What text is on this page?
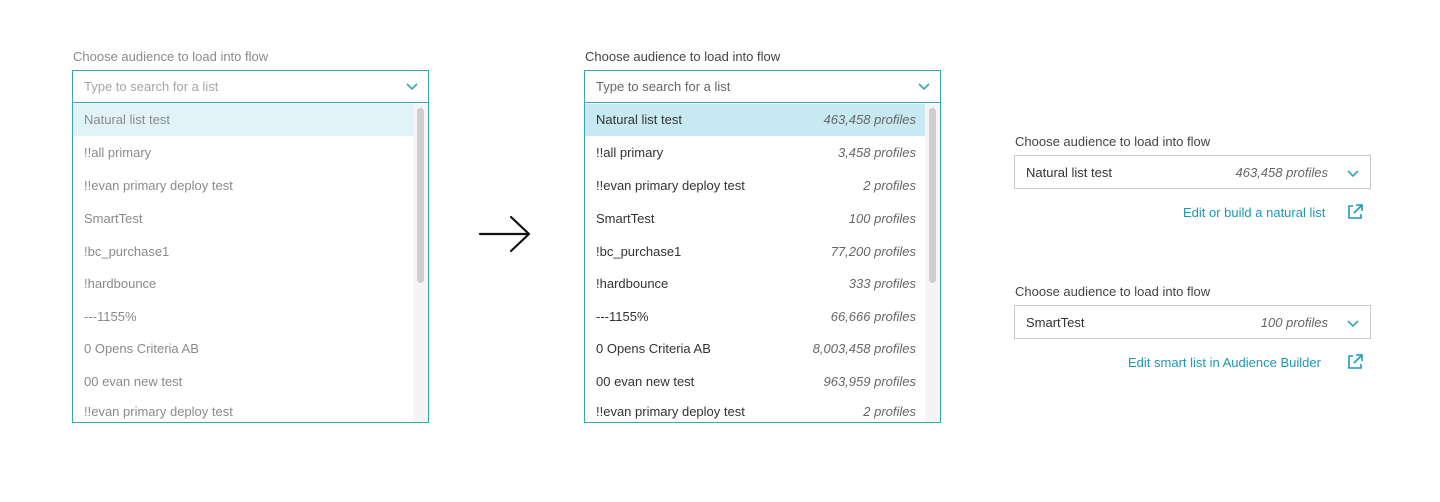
Choose audience to load into flow
Type to search for a list
Natural list test
!!all primary
!!evan primary deploy test
SmartTest
!bc_purchase1
!hardbounce
---1155%
0 Opens Criteria AB
00 evan new test
!!evan primary deploy test
Choose audience to load into flow
Type to search for a list
Natural list test	463,458 profiles
!!all primary	3,458 profiles
!!evan primary deploy test	2 profiles
SmartTest	100 profiles
!bc_purchase1	77,200 profiles
!hardbounce	333 profiles
---1155%	66,666 profiles
0 Opens Criteria AB	8,003,458 profiles
00 evan new test	963,959 profiles
!!evan primary deploy test	2 profiles
Choose audience to load into flow
Natural list test	463,458 profiles
Edit or build a natural list
Choose audience to load into flow
SmartTest	100 profiles
Edit smart list in Audience Builder
